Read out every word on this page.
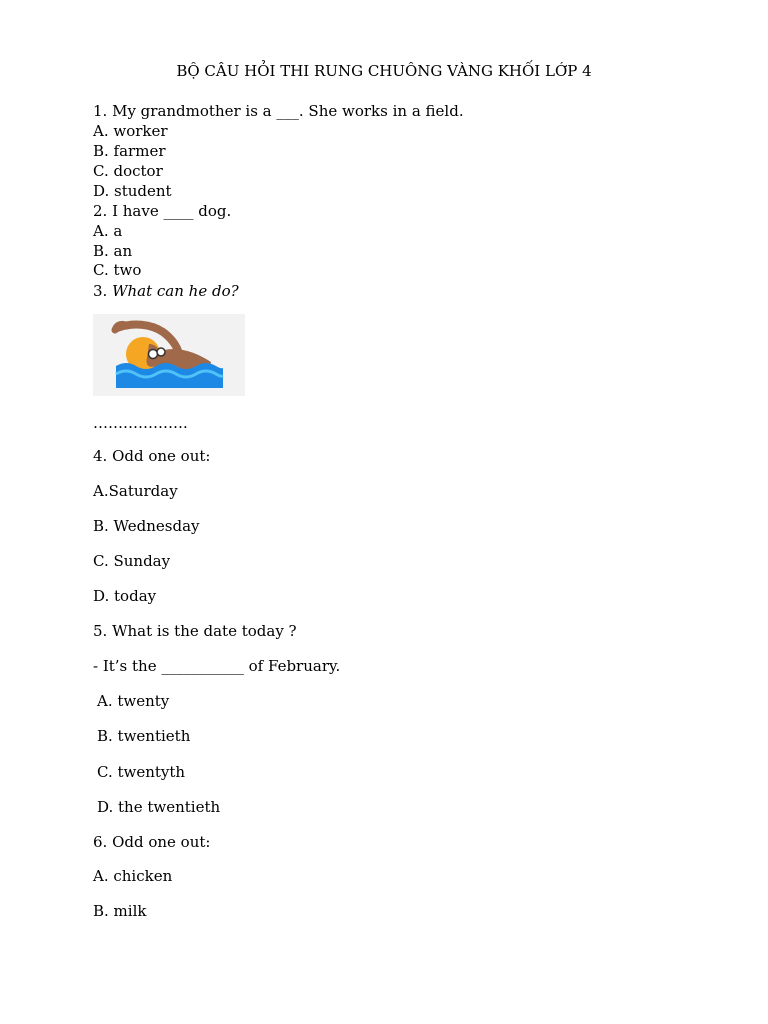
BỘ CÂU HỎI THI RUNG CHUÔNG VÀNG KHỐI LỚP 4
1. My grandmother is a ___. She works in a field.
A. worker
B. farmer
C. doctor
D. student
2. I have ____ dog.
A. a
B. an
C. two
3. What can he do?
……………….
4. Odd one out:
A.Saturday
B. Wednesday
C. Sunday
D. today
5. What is the date today ?
- It’s the ___________ of February.
A. twenty
B. twentieth
C. twentyth
D. the twentieth
6. Odd one out:
A. chicken
B. milk
